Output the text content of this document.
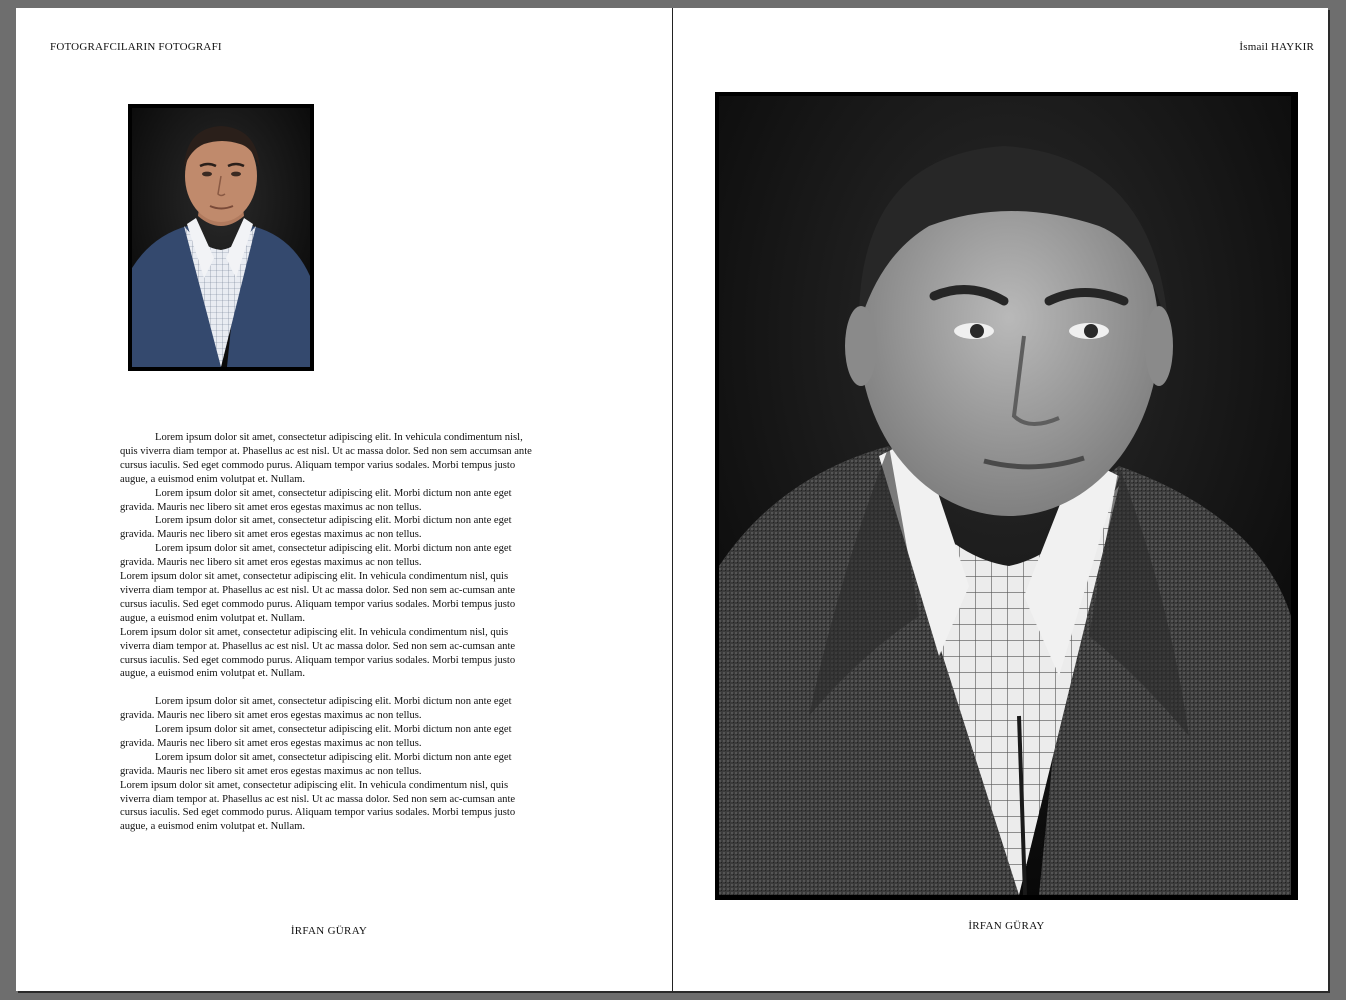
FOTOGRAFCILARIN FOTOGRAFI

Lorem ipsum dolor sit amet, consectetur adipiscing elit. In vehicula condimentum nisl, quis viverra diam tempor at. Phasellus ac est nisl. Ut ac massa dolor. Sed non sem accumsan ante cursus iaculis. Sed eget commodo purus. Aliquam tempor varius sodales. Morbi tempus justo augue, a euismod enim volutpat et. Nullam.

Lorem ipsum dolor sit amet, consectetur adipiscing elit. Morbi dictum non ante eget gravida. Mauris nec libero sit amet eros egestas maximus ac non tellus.

Lorem ipsum dolor sit amet, consectetur adipiscing elit. Morbi dictum non ante eget gravida. Mauris nec libero sit amet eros egestas maximus ac non tellus.

Lorem ipsum dolor sit amet, consectetur adipiscing elit. Morbi dictum non ante eget gravida. Mauris nec libero sit amet eros egestas maximus ac non tellus.

Lorem ipsum dolor sit amet, consectetur adipiscing elit. In vehicula condimentum nisl, quis viverra diam tempor at. Phasellus ac est nisl. Ut ac massa dolor. Sed non sem ac-cumsan ante cursus iaculis. Sed eget commodo purus. Aliquam tempor varius sodales. Morbi tempus justo augue, a euismod enim volutpat et. Nullam.

Lorem ipsum dolor sit amet, consectetur adipiscing elit. In vehicula condimentum nisl, quis viverra diam tempor at. Phasellus ac est nisl. Ut ac massa dolor. Sed non sem ac-cumsan ante cursus iaculis. Sed eget commodo purus. Aliquam tempor varius sodales. Morbi tempus justo augue, a euismod enim volutpat et. Nullam.

Lorem ipsum dolor sit amet, consectetur adipiscing elit. Morbi dictum non ante eget gravida. Mauris nec libero sit amet eros egestas maximus ac non tellus.

Lorem ipsum dolor sit amet, consectetur adipiscing elit. Morbi dictum non ante eget gravida. Mauris nec libero sit amet eros egestas maximus ac non tellus.

Lorem ipsum dolor sit amet, consectetur adipiscing elit. Morbi dictum non ante eget gravida. Mauris nec libero sit amet eros egestas maximus ac non tellus.

Lorem ipsum dolor sit amet, consectetur adipiscing elit. In vehicula condimentum nisl, quis viverra diam tempor at. Phasellus ac est nisl. Ut ac massa dolor. Sed non sem ac-cumsan ante cursus iaculis. Sed eget commodo purus. Aliquam tempor varius sodales. Morbi tempus justo augue, a euismod enim volutpat et. Nullam.

İRFAN GÜRAY
İsmail HAYKIR
İRFAN GÜRAY
